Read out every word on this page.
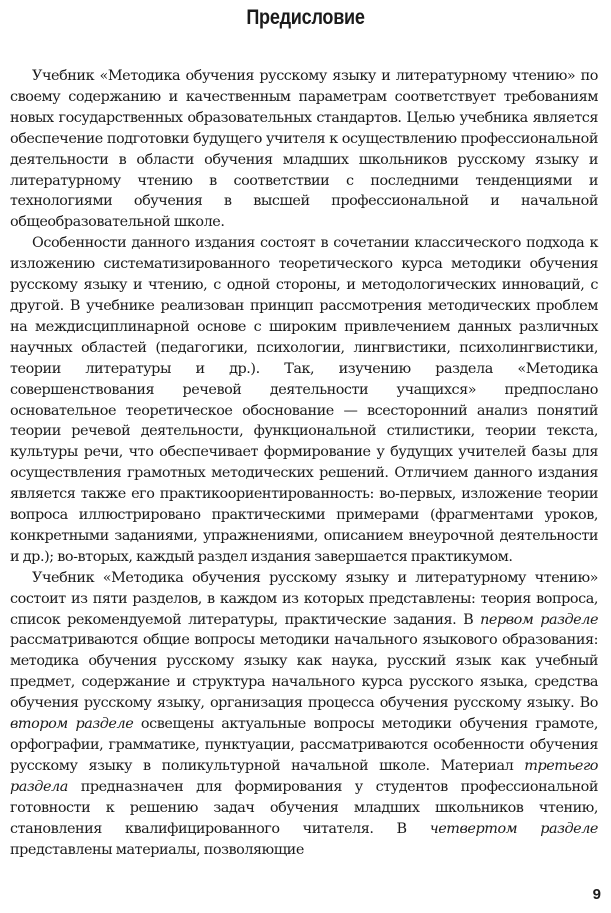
Предисловие

Учебник «Методика обучения русскому языку и литературному чтению» по своему содержанию и качественным параметрам соответствует требованиям новых государственных образовательных стандартов. Целью учебника является обеспечение подготовки будущего учителя к осуществлению профессиональной деятельности в области обучения младших школьников русскому языку и литературному чтению в соответствии с последними тенденциями и технологиями обучения в высшей профессиональной и начальной общеобразовательной школе.

Особенности данного издания состоят в сочетании классического подхода к изложению систематизированного теоретического курса методики обучения русскому языку и чтению, с одной стороны, и методологических инноваций, с другой. В учебнике реализован принцип рассмотрения методических проблем на междисциплинарной основе с широким привлечением данных различных научных областей (педагогики, психологии, лингвистики, психолингвистики, теории литературы и др.). Так, изучению раздела «Методика совершенствования речевой деятельности учащихся» предпослано основательное теоретическое обоснование — всесторонний анализ понятий теории речевой деятельности, функциональной стилистики, теории текста, культуры речи, что обеспечивает формирование у будущих учителей базы для осуществления грамотных методических решений. Отличием данного издания является также его практикоориентированность: во-первых, изложение теории вопроса иллюстрировано практическими примерами (фрагментами уроков, конкретными заданиями, упражнениями, описанием внеурочной деятельности и др.); во-вторых, каждый раздел издания завершается практикумом.

Учебник «Методика обучения русскому языку и литературному чтению» состоит из пяти разделов, в каждом из которых представлены: теория вопроса, список рекомендуемой литературы, практические задания. В первом разделе рассматриваются общие вопросы методики начального языкового образования: методика обучения русскому языку как наука, русский язык как учебный предмет, содержание и структура начального курса русского языка, средства обучения русскому языку, организация процесса обучения русскому языку. Во втором разделе освещены актуальные вопросы методики обучения грамоте, орфографии, грамматике, пунктуации, рассматриваются особенности обучения русскому языку в поликультурной начальной школе. Материал третьего раздела предназначен для формирования у студентов профессиональной готовности к решению задач обучения младших школьников чтению, становления квалифицированного читателя. В четвертом разделе представлены материалы, позволяющие

9
